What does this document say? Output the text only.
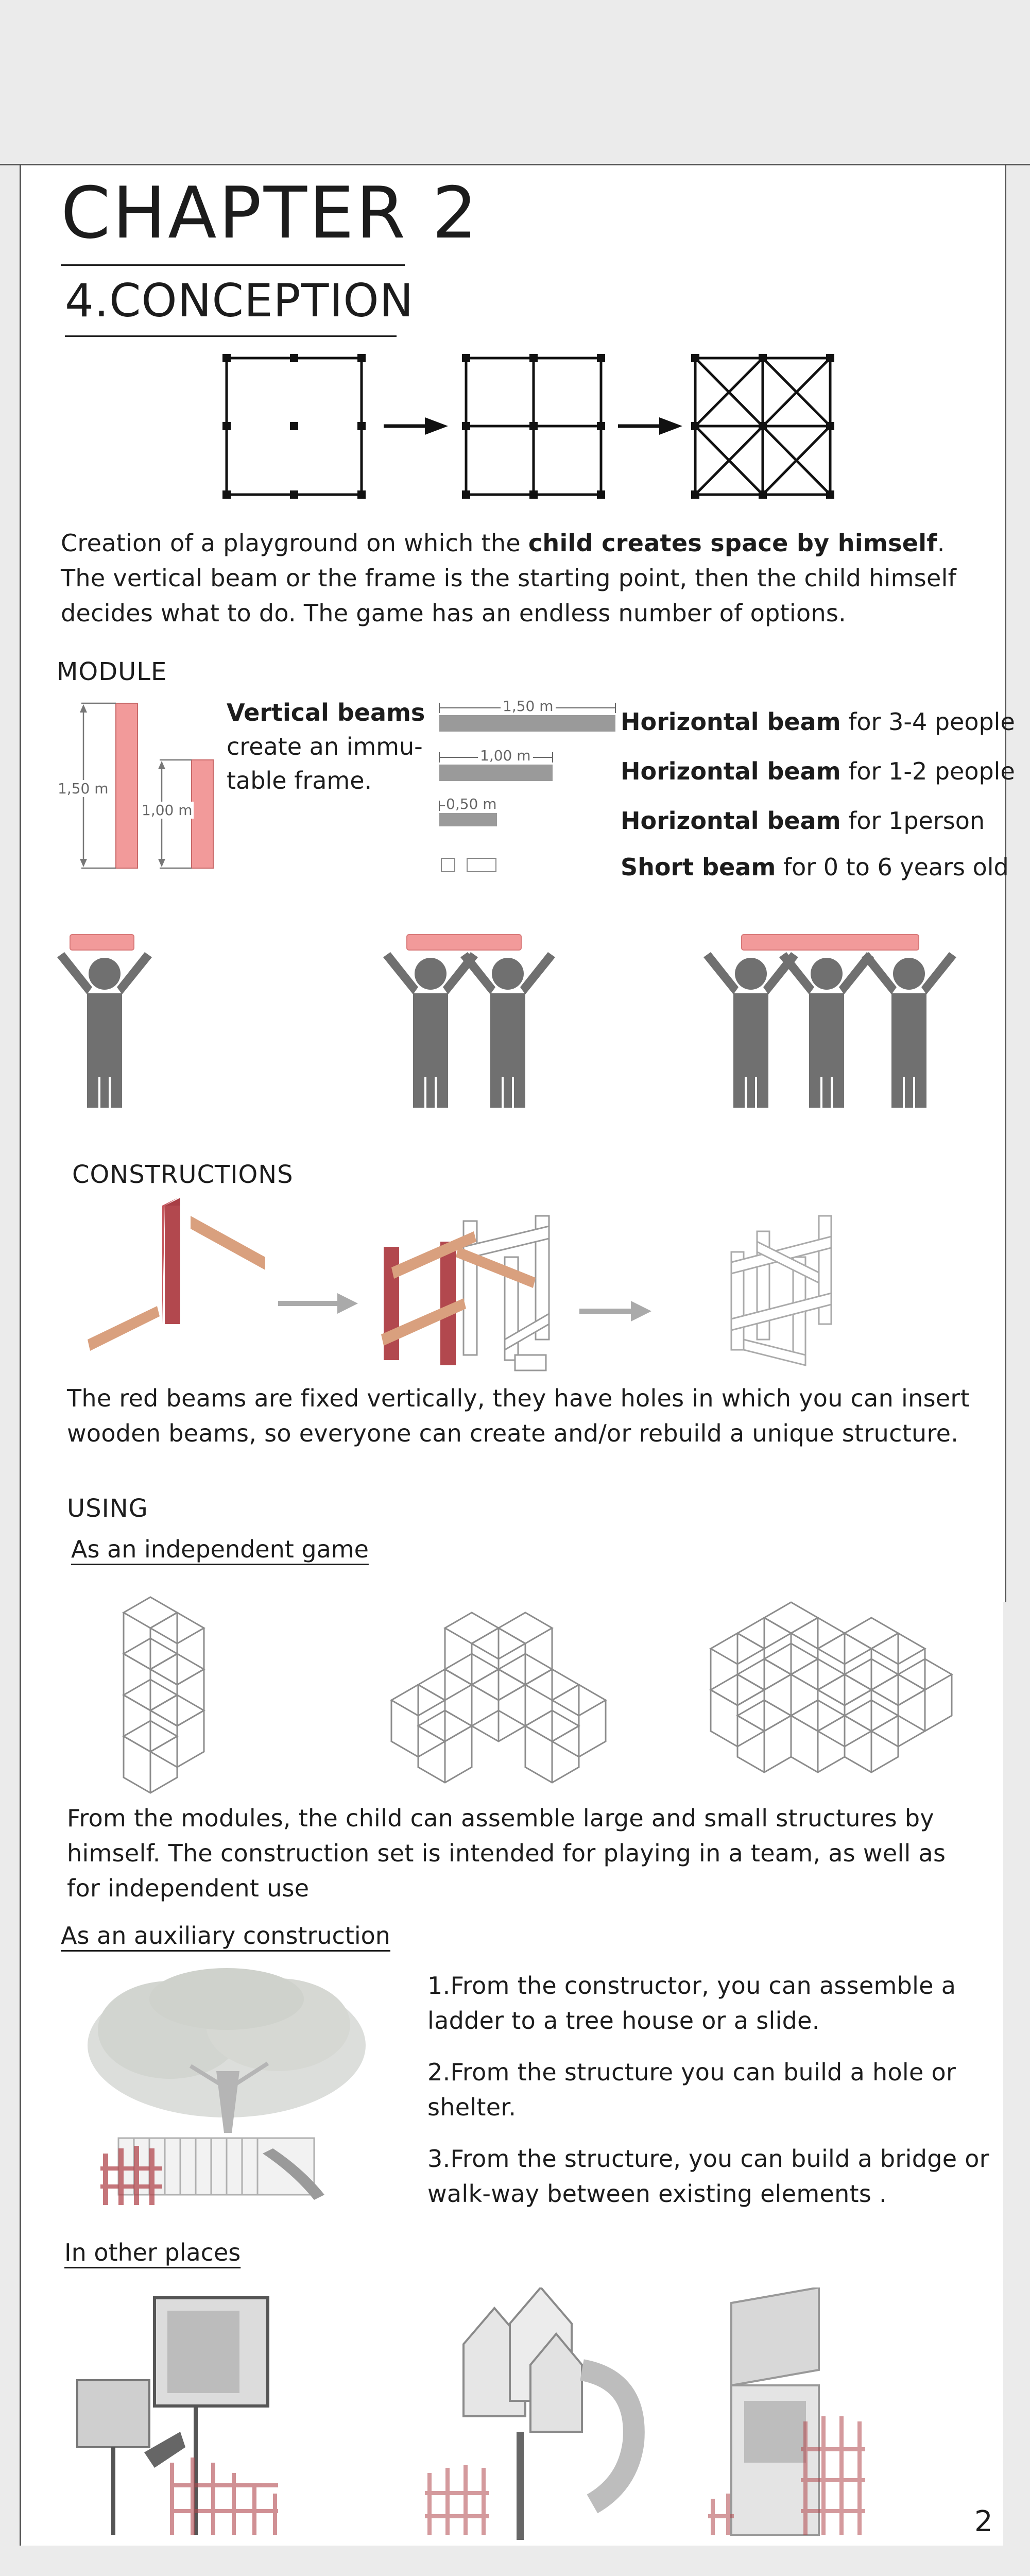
CHAPTER 2
4.CONCEPTION
Creation of a playground on which the child creates space by himself. The vertical beam or the frame is the starting point, then the child himself decides what to do. The game has an endless number of options.
MODULE
1,50 m
1,00 m
Vertical beams
create an immu-
table frame.
1,50 m
1,00 m
0,50 m
Horizontal beam for 3-4 people
Horizontal beam for 1-2 people
Horizontal beam for 1person
Short beam for 0 to 6 years old
CONSTRUCTIONS
The red beams are fixed vertically, they have holes in which you can insert wooden beams, so everyone can create and/or rebuild a unique structure.
USING
As an independent game
From the modules, the child can assemble large and small structures by himself. The construction set is intended for playing in a team, as well as for independent use
As an auxiliary construction
1.From the constructor, you can assemble a ladder to a tree house or a slide.
2.From the structure you can build a hole or shelter.
3.From the structure, you can build a bridge or walk-way between existing elements .
In other places
2
